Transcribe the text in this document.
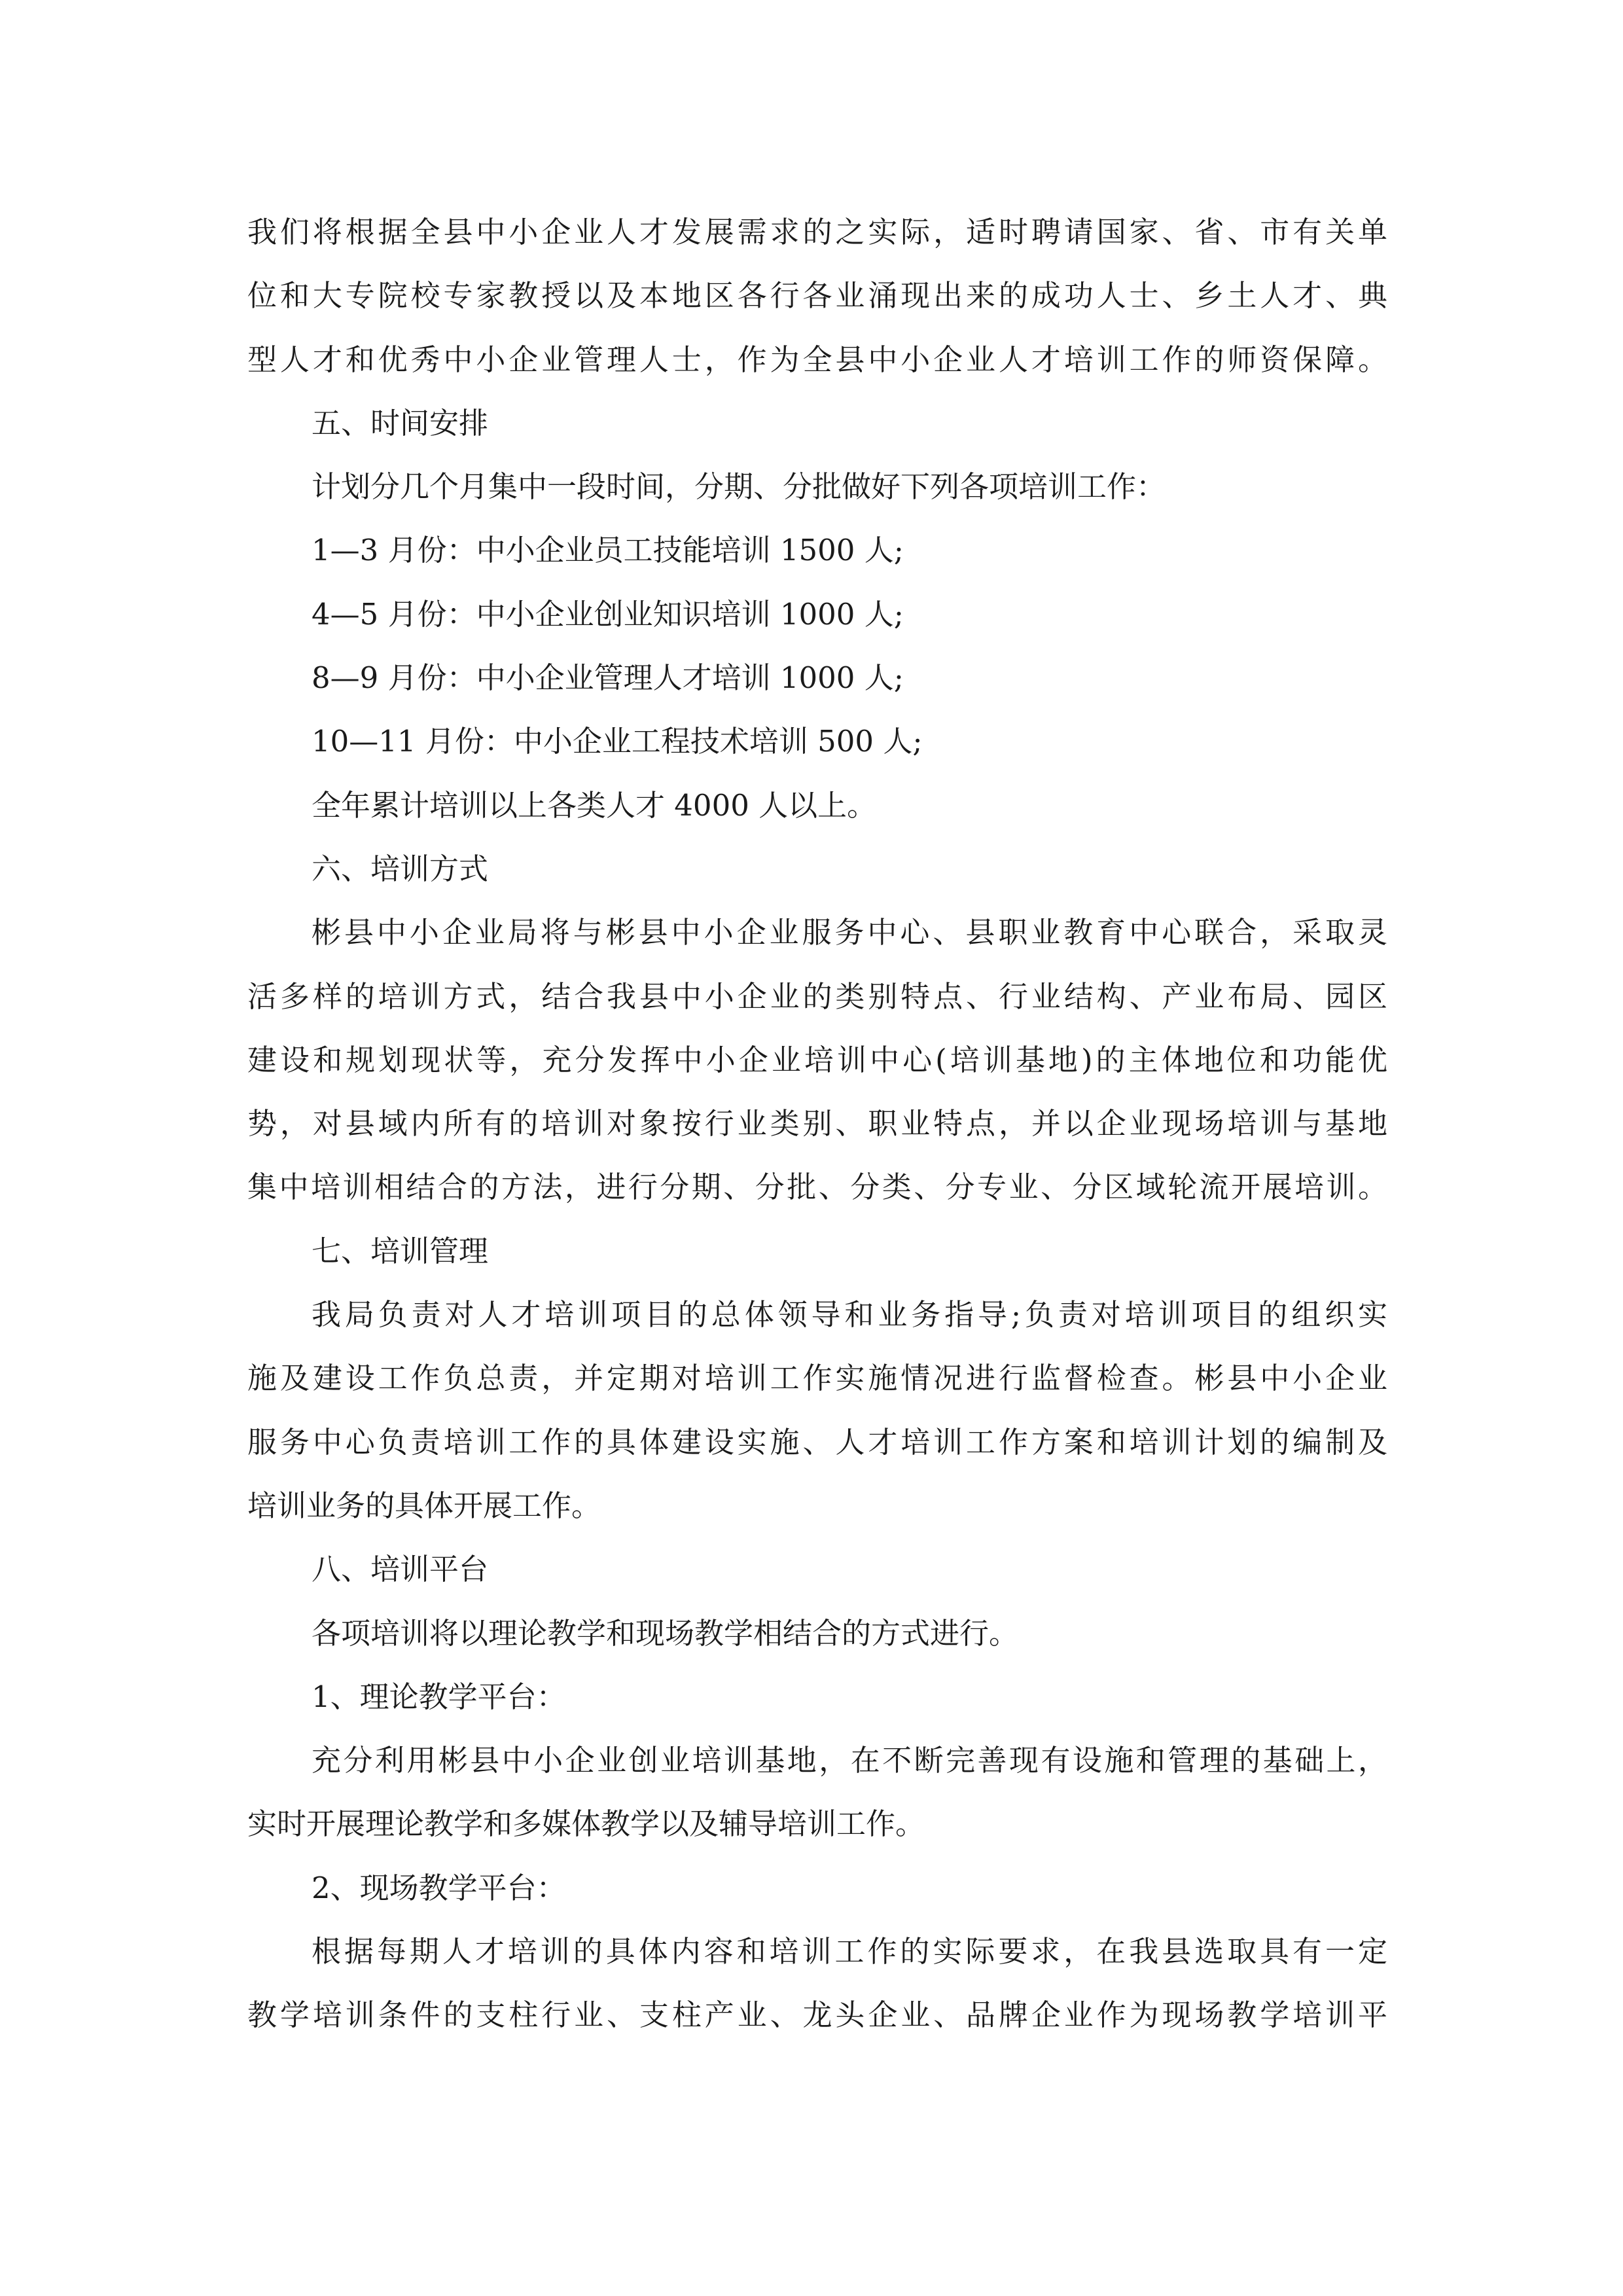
我们将根据全县中小企业人才发展需求的之实际，适时聘请国家、省、市有关单
位和大专院校专家教授以及本地区各行各业涌现出来的成功人士、乡土人才、典
型人才和优秀中小企业管理人士，作为全县中小企业人才培训工作的师资保障。
五、时间安排
计划分几个月集中一段时间，分期、分批做好下列各项培训工作：
1—3 月份：中小企业员工技能培训 1500 人;
4—5 月份：中小企业创业知识培训 1000 人;
8—9 月份：中小企业管理人才培训 1000 人;
10—11 月份：中小企业工程技术培训 500 人;
全年累计培训以上各类人才 4000 人以上。
六、培训方式
彬县中小企业局将与彬县中小企业服务中心、县职业教育中心联合，采取灵
活多样的培训方式，结合我县中小企业的类别特点、行业结构、产业布局、园区
建设和规划现状等，充分发挥中小企业培训中心(培训基地)的主体地位和功能优
势，对县域内所有的培训对象按行业类别、职业特点，并以企业现场培训与基地
集中培训相结合的方法，进行分期、分批、分类、分专业、分区域轮流开展培训。
七、培训管理
我局负责对人才培训项目的总体领导和业务指导;负责对培训项目的组织实
施及建设工作负总责，并定期对培训工作实施情况进行监督检查。彬县中小企业
服务中心负责培训工作的具体建设实施、人才培训工作方案和培训计划的编制及
培训业务的具体开展工作。
八、培训平台
各项培训将以理论教学和现场教学相结合的方式进行。
1、理论教学平台：
充分利用彬县中小企业创业培训基地，在不断完善现有设施和管理的基础上，
实时开展理论教学和多媒体教学以及辅导培训工作。
2、现场教学平台：
根据每期人才培训的具体内容和培训工作的实际要求，在我县选取具有一定
教学培训条件的支柱行业、支柱产业、龙头企业、品牌企业作为现场教学培训平
